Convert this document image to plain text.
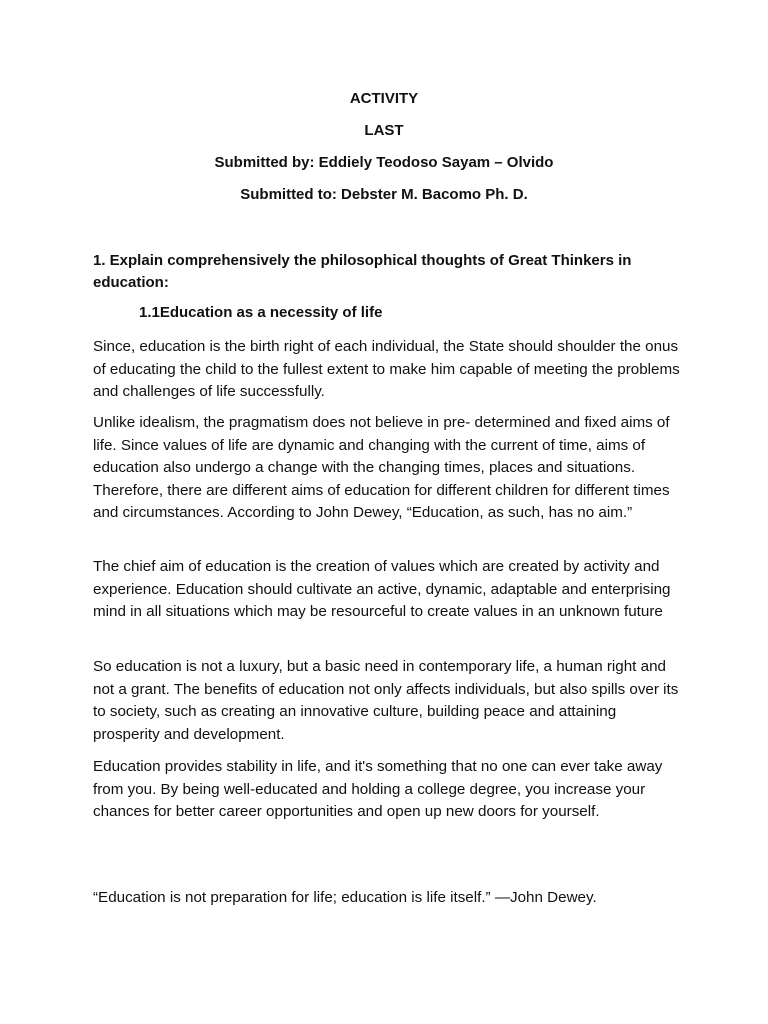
ACTIVITY
LAST
Submitted by: Eddiely Teodoso Sayam – Olvido
Submitted to: Debster M. Bacomo Ph. D.
1. Explain comprehensively the philosophical thoughts of Great Thinkers in education:
1.1Education as a necessity of life

Since, education is the birth right of each individual, the State should shoulder the onus of educating the child to the fullest extent to make him capable of meeting the problems and challenges of life successfully.

Unlike idealism, the pragmatism does not believe in pre- determined and fixed aims of life. Since values of life are dynamic and changing with the current of time, aims of education also undergo a change with the changing times, places and situations. Therefore, there are different aims of education for different children for different times and circumstances. According to John Dewey, “Education, as such, has no aim.”

The chief aim of education is the creation of values which are created by activity and experience. Education should cultivate an active, dynamic, adaptable and enterprising mind in all situations which may be resourceful to create values in an unknown future

So education is not a luxury, but a basic need in contemporary life, a human right and not a grant. The benefits of education not only affects individuals, but also spills over its to society, such as creating an innovative culture, building peace and attaining prosperity and development.

Education provides stability in life, and it's something that no one can ever take away from you. By being well-educated and holding a college degree, you increase your chances for better career opportunities and open up new doors for yourself.

“Education is not preparation for life; education is life itself.” —John Dewey.
